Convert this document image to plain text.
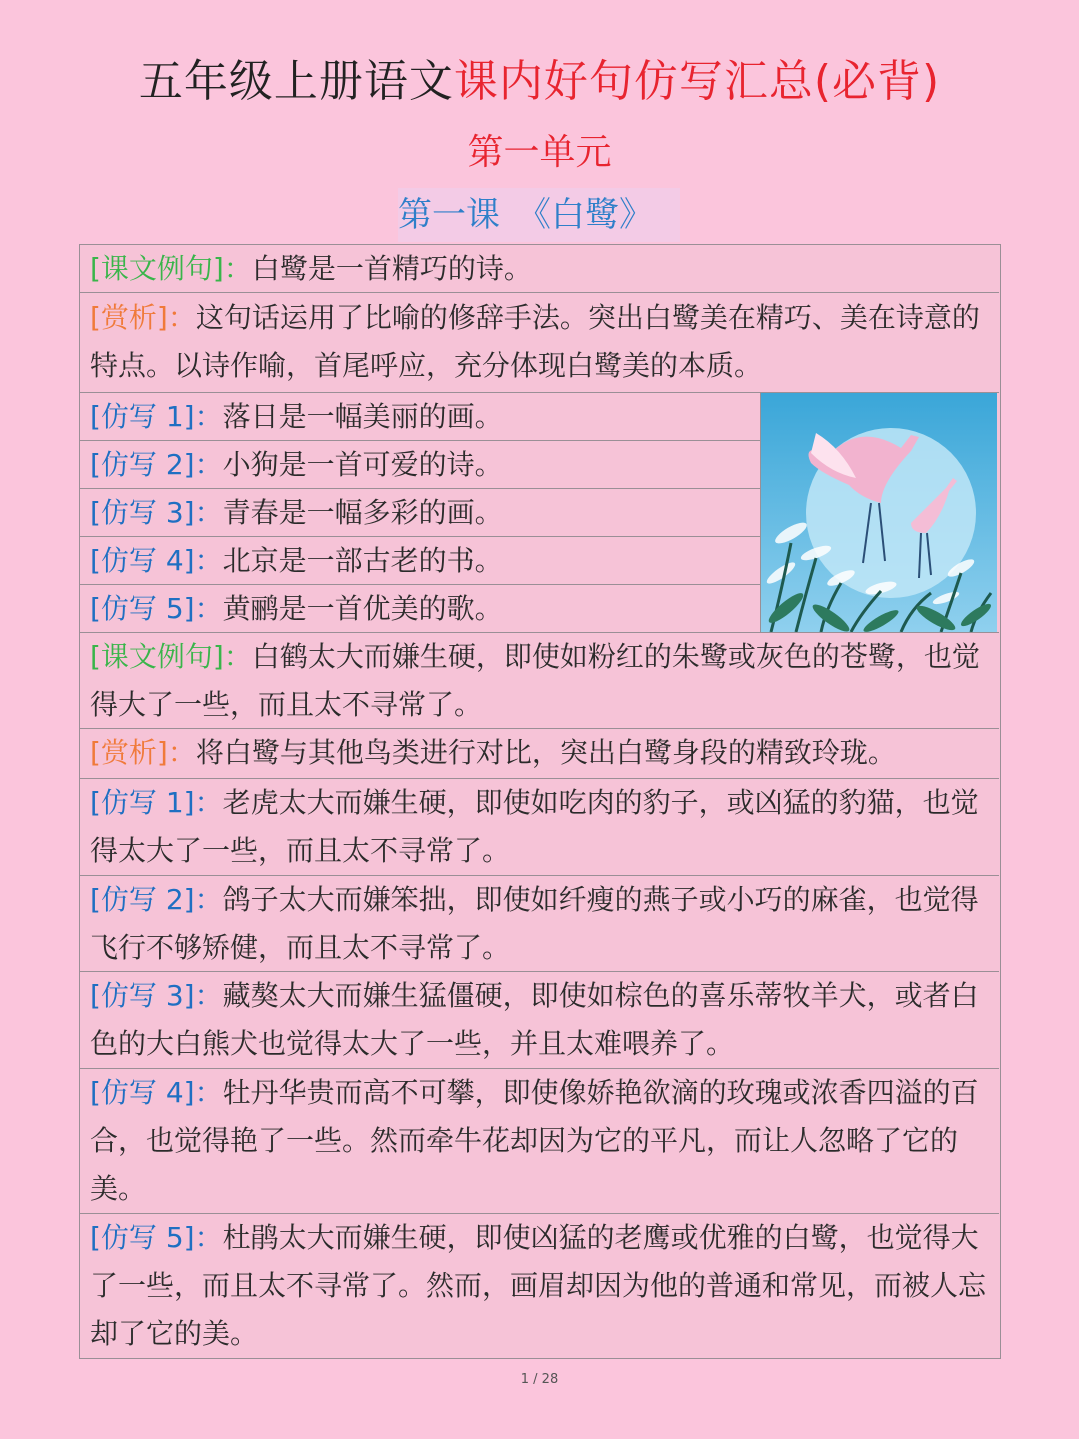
五年级上册语文课内好句仿写汇总(必背)
第一单元
第一课　《白鹭》
[课文例句]：白鹭是一首精巧的诗。
[赏析]：这句话运用了比喻的修辞手法。突出白鹭美在精巧、美在诗意的特点。以诗作喻，首尾呼应，充分体现白鹭美的本质。
[仿写 1]：落日是一幅美丽的画。
[仿写 2]：小狗是一首可爱的诗。
[仿写 3]：青春是一幅多彩的画。
[仿写 4]：北京是一部古老的书。
[仿写 5]：黄鹂是一首优美的歌。
[课文例句]：白鹤太大而嫌生硬，即使如粉红的朱鹭或灰色的苍鹭，也觉得大了一些，而且太不寻常了。
[赏析]：将白鹭与其他鸟类进行对比，突出白鹭身段的精致玲珑。
[仿写 1]：老虎太大而嫌生硬，即使如吃肉的豹子，或凶猛的豹猫，也觉得太大了一些，而且太不寻常了。
[仿写 2]：鸽子太大而嫌笨拙，即使如纤瘦的燕子或小巧的麻雀，也觉得飞行不够矫健，而且太不寻常了。
[仿写 3]：藏獒太大而嫌生猛僵硬，即使如棕色的喜乐蒂牧羊犬，或者白色的大白熊犬也觉得太大了一些，并且太难喂养了。
[仿写 4]：牡丹华贵而高不可攀，即使像娇艳欲滴的玫瑰或浓香四溢的百合，也觉得艳了一些。然而牵牛花却因为它的平凡，而让人忽略了它的美。
[仿写 5]：杜鹃太大而嫌生硬，即使凶猛的老鹰或优雅的白鹭，也觉得大了一些，而且太不寻常了。然而，画眉却因为他的普通和常见，而被人忘却了它的美。
1 / 28
